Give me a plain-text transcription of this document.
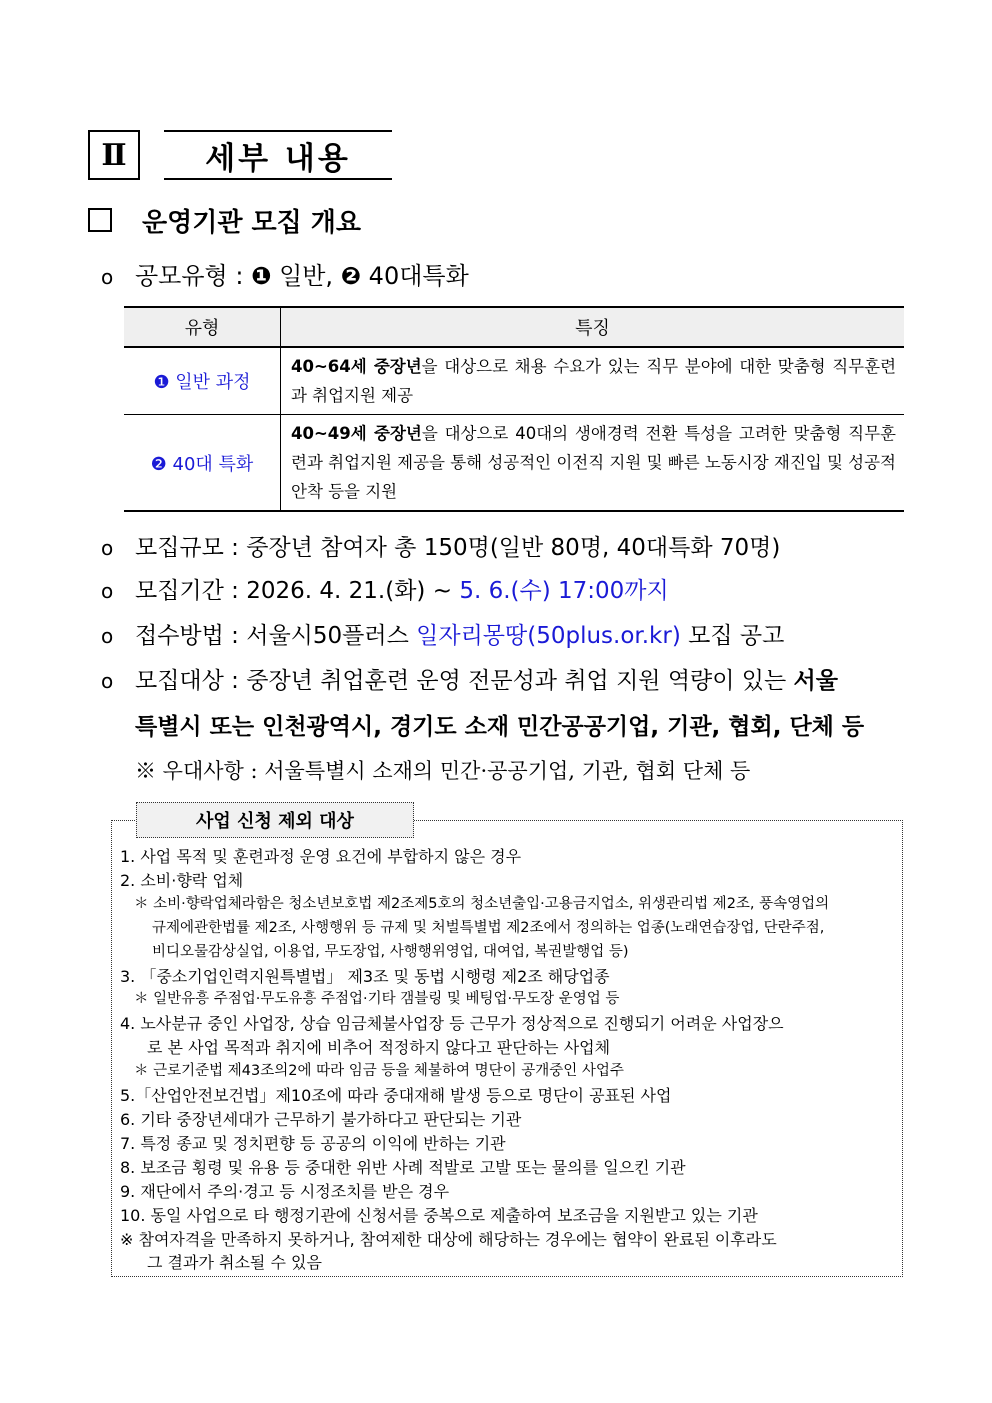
Ⅱ	세부 내용
운영기관 모집 개요
o 공모유형 : ❶ 일반, ❷ 40대특화
유형	특징
❶ 일반 과정	40~64세 중장년을 대상으로 채용 수요가 있는 직무 분야에 대한 맞춤형 직무훈련과 취업지원 제공
❷ 40대 특화	40~49세 중장년을 대상으로 40대의 생애경력 전환 특성을 고려한 맞춤형 직무훈련과 취업지원 제공을 통해 성공적인 이전직 지원 및 빠른 노동시장 재진입 및 성공적 안착 등을 지원
o 모집규모 : 중장년 참여자 총 150명(일반 80명, 40대특화 70명)
o 모집기간 : 2026. 4. 21.(화) ~ 5. 6.(수) 17:00까지
o 접수방법 : 서울시50플러스 일자리몽땅(50plus.or.kr) 모집 공고
o 모집대상 : 중장년 취업훈련 운영 전문성과 취업 지원 역량이 있는 서울
특별시 또는 인천광역시, 경기도 소재 민간공공기업, 기관, 협회, 단체 등
※ 우대사항 : 서울특별시 소재의 민간·공공기업, 기관, 협회 단체 등
사업 신청 제외 대상
1. 사업 목적 및 훈련과정 운영 요건에 부합하지 않은 경우
2. 소비·향락 업체
＊ 소비·향락업체라함은 청소년보호법 제2조제5호의 청소년출입·고용금지업소, 위생관리법 제2조, 풍속영업의
규제에관한법률 제2조, 사행행위 등 규제 및 처벌특별법 제2조에서 정의하는 업종(노래연습장업, 단란주점,
비디오물감상실업, 이용업, 무도장업, 사행행위영업, 대여업, 복권발행업 등)
3. 「중소기업인력지원특별법」 제3조 및 동법 시행령 제2조 해당업종
＊ 일반유흥 주점업·무도유흥 주점업·기타 갬블링 및 베팅업·무도장 운영업 등
4. 노사분규 중인 사업장, 상습 임금체불사업장 등 근무가 정상적으로 진행되기 어려운 사업장으
로 본 사업 목적과 취지에 비추어 적정하지 않다고 판단하는 사업체
＊ 근로기준법 제43조의2에 따라 임금 등을 체불하여 명단이 공개중인 사업주
5.「산업안전보건법」제10조에 따라 중대재해 발생 등으로 명단이 공표된 사업
6. 기타 중장년세대가 근무하기 불가하다고 판단되는 기관
7. 특정 종교 및 정치편향 등 공공의 이익에 반하는 기관
8. 보조금 횡령 및 유용 등 중대한 위반 사례 적발로 고발 또는 물의를 일으킨 기관
9. 재단에서 주의·경고 등 시정조치를 받은 경우
10. 동일 사업으로 타 행정기관에 신청서를 중복으로 제출하여 보조금을 지원받고 있는 기관
※ 참여자격을 만족하지 못하거나, 참여제한 대상에 해당하는 경우에는 협약이 완료된 이후라도
그 결과가 취소될 수 있음
